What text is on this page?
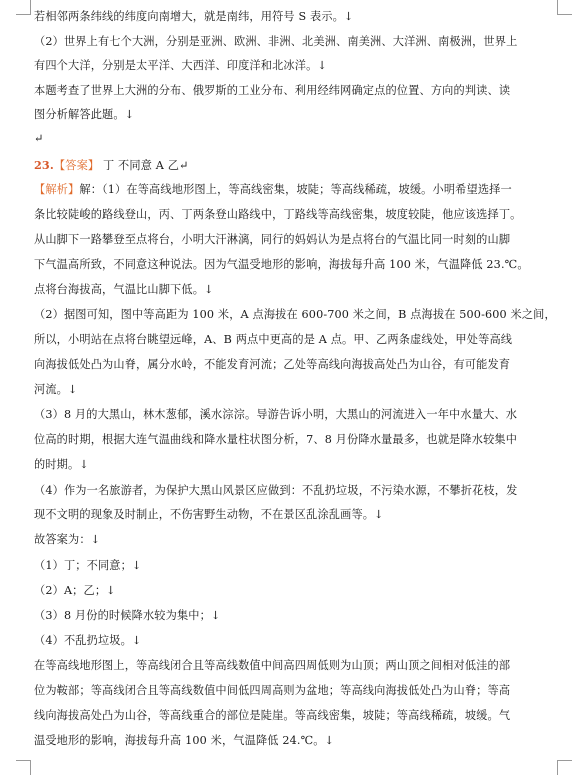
若相邻两条纬线的纬度向南增大，就是南纬，用符号 S 表示。↓
（2）世界上有七个大洲，分别是亚洲、欧洲、非洲、北美洲、南美洲、大洋洲、南极洲，世界上
有四个大洋，分别是太平洋、大西洋、印度洋和北冰洋。↓
本题考查了世界上大洲的分布、俄罗斯的工业分布、利用经纬网确定点的位置、方向的判读、读
图分析解答此题。↓
↵
23.【答案】 丁 不同意 A 乙↵
【解析】解：（1）在等高线地形图上，等高线密集，坡陡；等高线稀疏，坡缓。小明希望选择一
条比较陡峻的路线登山，丙、丁两条登山路线中，丁路线等高线密集，坡度较陡，他应该选择丁。
从山脚下一路攀登至点将台，小明大汗淋漓，同行的妈妈认为是点将台的气温比同一时刻的山脚
下气温高所致，不同意这种说法。因为气温受地形的影响，海拔每升高 100 米，气温降低 23.℃。
点将台海拔高，气温比山脚下低。↓
（2）据图可知，图中等高距为 100 米，A 点海拔在 600-700 米之间，B 点海拔在 500-600 米之间，
所以，小明站在点将台眺望远峰，A、B 两点中更高的是 A 点。甲、乙两条虚线处，甲处等高线
向海拔低处凸为山脊，属分水岭，不能发育河流；乙处等高线向海拔高处凸为山谷，有可能发育
河流。↓
（3）8 月的大黑山，林木葱郁，溪水淙淙。导游告诉小明，大黑山的河流进入一年中水量大、水
位高的时期，根据大连气温曲线和降水量柱状图分析，7、8 月份降水量最多，也就是降水较集中
的时期。↓
（4）作为一名旅游者，为保护大黑山风景区应做到：不乱扔垃圾，不污染水源，不攀折花枝，发
现不文明的现象及时制止，不伤害野生动物，不在景区乱涂乱画等。↓
故答案为：↓
（1）丁；不同意；↓
（2）A；乙；↓
（3）8 月份的时候降水较为集中；↓
（4）不乱扔垃圾。↓
在等高线地形图上，等高线闭合且等高线数值中间高四周低则为山顶；两山顶之间相对低洼的部
位为鞍部；等高线闭合且等高线数值中间低四周高则为盆地；等高线向海拔低处凸为山脊；等高
线向海拔高处凸为山谷，等高线重合的部位是陡崖。等高线密集，坡陡；等高线稀疏，坡缓。气
温受地形的影响，海拔每升高 100 米，气温降低 24.℃。↓
